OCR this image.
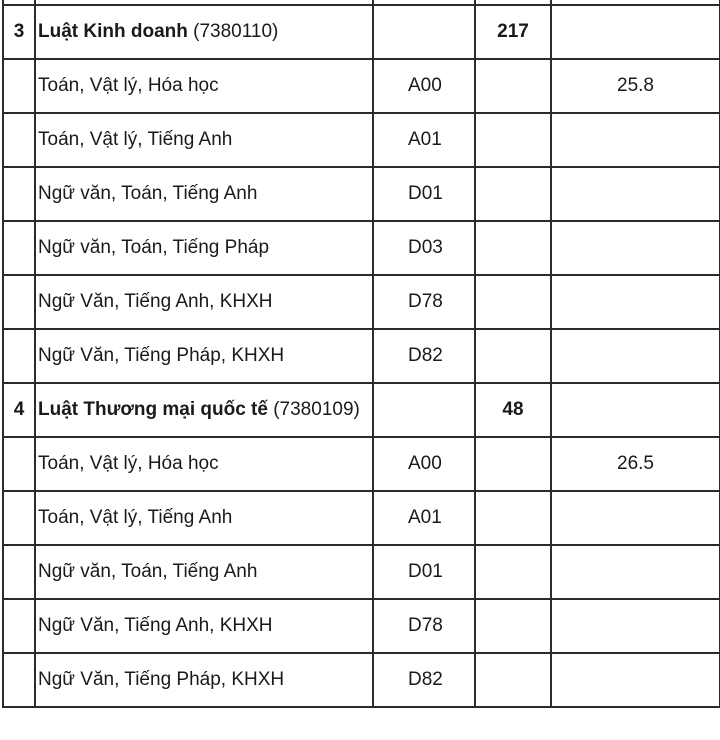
3	Luật Kinh doanh (7380110)		217	
	Toán, Vật lý, Hóa học	A00		25.8
	Toán, Vật lý, Tiếng Anh	A01		
	Ngữ văn, Toán, Tiếng Anh	D01		
	Ngữ văn, Toán, Tiếng Pháp	D03		
	Ngữ Văn, Tiếng Anh, KHXH	D78		
	Ngữ Văn, Tiếng Pháp, KHXH	D82		
4	Luật Thương mại quốc tế (7380109)		48	
	Toán, Vật lý, Hóa học	A00		26.5
	Toán, Vật lý, Tiếng Anh	A01		
	Ngữ văn, Toán, Tiếng Anh	D01		
	Ngữ Văn, Tiếng Anh, KHXH	D78		
	Ngữ Văn, Tiếng Pháp, KHXH	D82		
